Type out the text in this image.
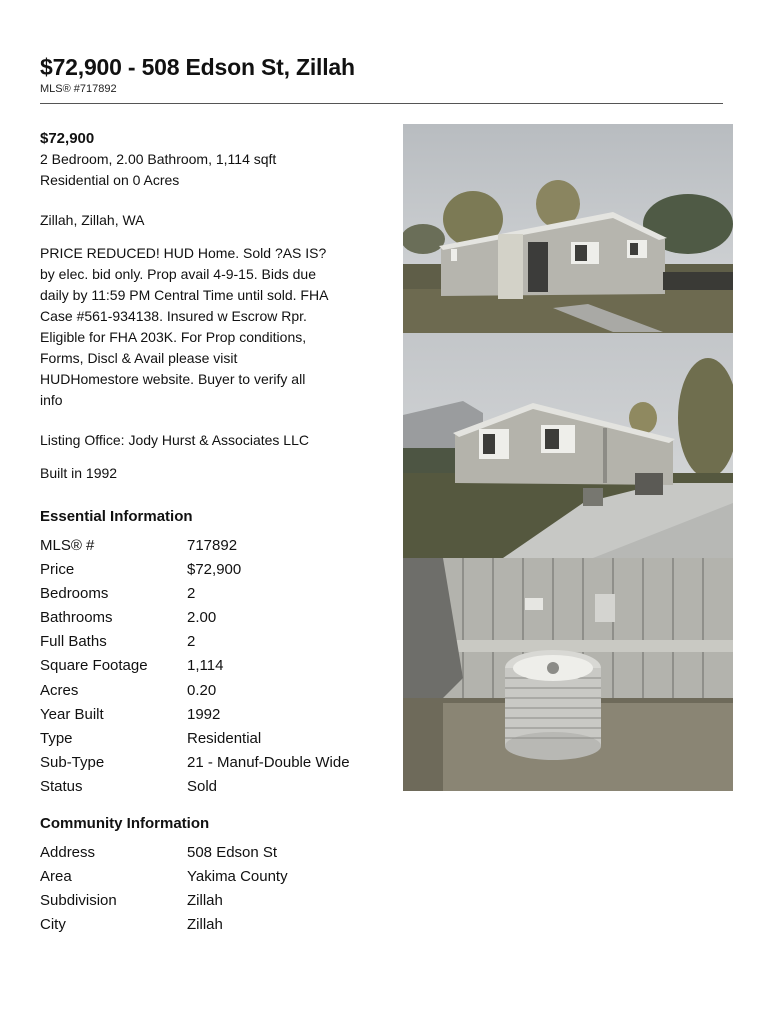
$72,900 - 508 Edson St, Zillah
MLS® #717892
$72,900
2 Bedroom, 2.00 Bathroom, 1,114 sqft
Residential on 0 Acres
Zillah, Zillah, WA
PRICE REDUCED! HUD Home. Sold ?AS IS?
by elec. bid only. Prop avail 4-9-15. Bids due
daily by 11:59 PM Central Time until sold. FHA
Case #561-934138. Insured w Escrow Rpr.
Eligible for FHA 203K. For Prop conditions,
Forms, Discl & Avail please visit
HUDHomestore website. Buyer to verify all
info
Listing Office: Jody Hurst & Associates LLC
Built in 1992
Essential Information
MLS® #	717892
Price	$72,900
Bedrooms	2
Bathrooms	2.00
Full Baths	2
Square Footage	1,114
Acres	0.20
Year Built	1992
Type	Residential
Sub-Type	21 - Manuf-Double Wide
Status	Sold
Community Information
Address	508 Edson St
Area	Yakima County
Subdivision	Zillah
City	Zillah
